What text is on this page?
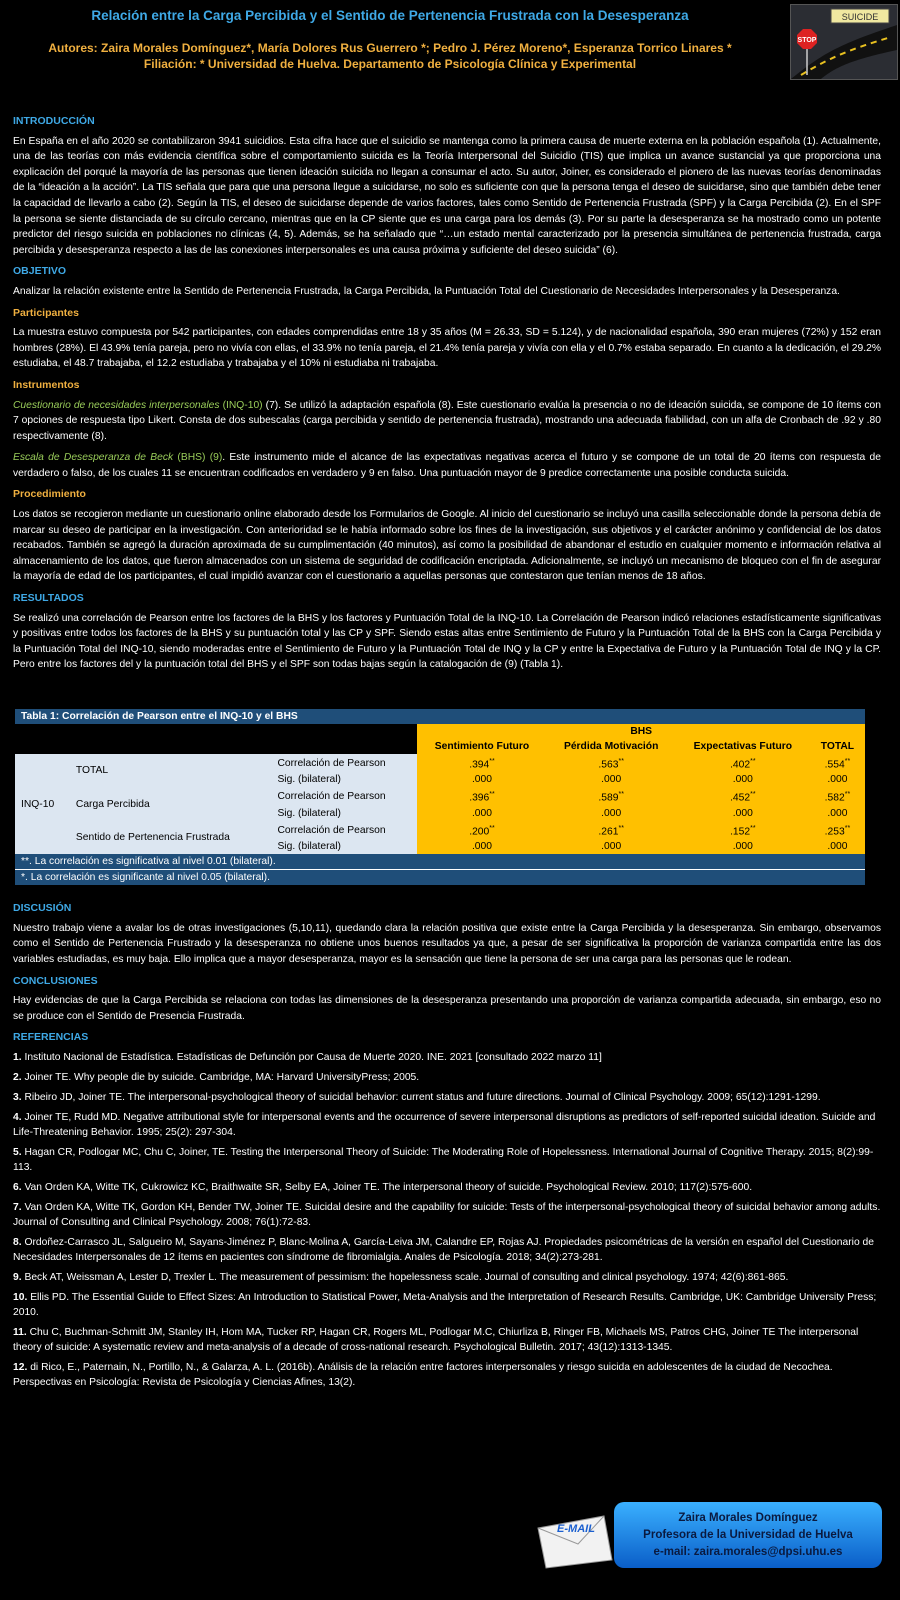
Relación entre la Carga Percibida y el Sentido de Pertenencia Frustrada con la Desesperanza
Autores: Zaira Morales Domínguez*, María Dolores Rus Guerrero *; Pedro J. Pérez Moreno*, Esperanza Torrico Linares *
Filiación: * Universidad de Huelva. Departamento de Psicología Clínica y Experimental
SUICIDE
STOP
INTRODUCCIÓN

En España en el año 2020 se contabilizaron 3941 suicidios. Esta cifra hace que el suicidio se mantenga como la primera causa de muerte externa en la población española (1). Actualmente, una de las teorías con más evidencia científica sobre el comportamiento suicida es la Teoría Interpersonal del Suicidio (TIS) que implica un avance sustancial ya que proporciona una explicación del porqué la mayoría de las personas que tienen ideación suicida no llegan a consumar el acto. Su autor, Joiner, es considerado el pionero de las nuevas teorías denominadas de la “ideación a la acción”. La TIS señala que para que una persona llegue a suicidarse, no solo es suficiente con que la persona tenga el deseo de suicidarse, sino que también debe tener la capacidad de llevarlo a cabo (2). Según la TIS, el deseo de suicidarse depende de varios factores, tales como Sentido de Pertenencia Frustrada (SPF) y la Carga Percibida (2). En el SPF la persona se siente distanciada de su círculo cercano, mientras que en la CP siente que es una carga para los demás (3). Por su parte la desesperanza se ha mostrado como un potente predictor del riesgo suicida en poblaciones no clínicas (4, 5). Además, se ha señalado que “…un estado mental caracterizado por la presencia simultánea de pertenencia frustrada, carga percibida y desesperanza respecto a las de las conexiones interpersonales es una causa próxima y suficiente del deseo suicida” (6).

OBJETIVO

Analizar la relación existente entre la Sentido de Pertenencia Frustrada, la Carga Percibida, la Puntuación Total del Cuestionario de Necesidades Interpersonales y la Desesperanza.

Participantes

La muestra estuvo compuesta por 542 participantes, con edades comprendidas entre 18 y 35 años (M = 26.33, SD = 5.124), y de nacionalidad española, 390 eran mujeres (72%) y 152 eran hombres (28%). El 43.9% tenía pareja, pero no vivía con ellas, el 33.9% no tenía pareja, el 21.4% tenía pareja y vivía con ella y el 0.7% estaba separado. En cuanto a la dedicación, el 29.2% estudiaba, el 48.7 trabajaba, el 12.2 estudiaba y trabajaba y el 10% ni estudiaba ni trabajaba.

Instrumentos

Cuestionario de necesidades interpersonales (INQ-10) (7). Se utilizó la adaptación española (8). Este cuestionario evalúa la presencia o no de ideación suicida, se compone de 10 ítems con 7 opciones de respuesta tipo Likert. Consta de dos subescalas (carga percibida y sentido de pertenencia frustrada), mostrando una adecuada fiabilidad, con un alfa de Cronbach de .92 y .80 respectivamente (8).

Escala de Desesperanza de Beck (BHS) (9). Este instrumento mide el alcance de las expectativas negativas acerca el futuro y se compone de un total de 20 ítems con respuesta de verdadero o falso, de los cuales 11 se encuentran codificados en verdadero y 9 en falso. Una puntuación mayor de 9 predice correctamente una posible conducta suicida.

Procedimiento

Los datos se recogieron mediante un cuestionario online elaborado desde los Formularios de Google. Al inicio del cuestionario se incluyó una casilla seleccionable donde la persona debía de marcar su deseo de participar en la investigación. Con anterioridad se le había informado sobre los fines de la investigación, sus objetivos y el carácter anónimo y confidencial de los datos recabados. También se agregó la duración aproximada de su cumplimentación (40 minutos), así como la posibilidad de abandonar el estudio en cualquier momento e información relativa al almacenamiento de los datos, que fueron almacenados con un sistema de seguridad de codificación encriptada. Adicionalmente, se incluyó un mecanismo de bloqueo con el fin de asegurar la mayoría de edad de los participantes, el cual impidió avanzar con el cuestionario a aquellas personas que contestaron que tenían menos de 18 años.

RESULTADOS

Se realizó una correlación de Pearson entre los factores de la BHS y los factores y Puntuación Total de la INQ-10. La Correlación de Pearson indicó relaciones estadísticamente significativas y positivas entre todos los factores de la BHS y su puntuación total y las CP y SPF. Siendo estas altas entre Sentimiento de Futuro y la Puntuación Total de la BHS con la Carga Percibida y la Puntuación Total del INQ-10, siendo moderadas entre el Sentimiento de Futuro y la Puntuación Total de INQ y la CP y entre la Expectativa de Futuro y la Puntuación Total de INQ y la CP. Pero entre los factores del y la puntuación total del BHS y el SPF son todas bajas según la catalogación de (9) (Tabla 1).

Tabla 1: Correlación de Pearson entre el INQ-10 y el BHS						
			BHS			
			Sentimiento Futuro	Pérdida Motivación	Expectativas Futuro	TOTAL
INQ-10	TOTAL	Correlación de Pearson	.394**	.563**	.402**	.554**
		Sig. (bilateral)	.000	.000	.000	.000
	Carga Percibida	Correlación de Pearson	.396**	.589**	.452**	.582**
		Sig. (bilateral)	.000	.000	.000	.000
	Sentido de Pertenencia Frustrada	Correlación de Pearson	.200**	.261**	.152**	.253**
		Sig. (bilateral)	.000	.000	.000	.000
**. La correlación es significativa al nivel 0.01 (bilateral).						
*. La correlación es significante al nivel 0.05 (bilateral).						
DISCUSIÓN

Nuestro trabajo viene a avalar los de otras investigaciones (5,10,11), quedando clara la relación positiva que existe entre la Carga Percibida y la desesperanza. Sin embargo, observamos como el Sentido de Pertenencia Frustrado y la desesperanza no obtiene unos buenos resultados ya que, a pesar de ser significativa la proporción de varianza compartida entre las dos variables estudiadas, es muy baja. Ello implica que a mayor desesperanza, mayor es la sensación que tiene la persona de ser una carga para las personas que le rodean.

CONCLUSIONES

Hay evidencias de que la Carga Percibida se relaciona con todas las dimensiones de la desesperanza presentando una proporción de varianza compartida adecuada, sin embargo, eso no se produce con el Sentido de Presencia Frustrada.

REFERENCIAS
1. Instituto Nacional de Estadística. Estadísticas de Defunción por Causa de Muerte 2020. INE. 2021 [consultado 2022 marzo 11]
2. Joiner TE. Why people die by suicide. Cambridge, MA: Harvard UniversityPress; 2005.
3. Ribeiro JD, Joiner TE. The interpersonal-psychological theory of suicidal behavior: current status and future directions. Journal of Clinical Psychology. 2009; 65(12):1291-1299.
4. Joiner TE, Rudd MD. Negative attributional style for interpersonal events and the occurrence of severe interpersonal disruptions as predictors of self-reported suicidal ideation. Suicide and Life-Threatening Behavior. 1995; 25(2): 297-304.
5. Hagan CR, Podlogar MC, Chu C, Joiner, TE. Testing the Interpersonal Theory of Suicide: The Moderating Role of Hopelessness. International Journal of Cognitive Therapy. 2015; 8(2):99-113.
6. Van Orden KA, Witte TK, Cukrowicz KC, Braithwaite SR, Selby EA, Joiner TE. The interpersonal theory of suicide. Psychological Review. 2010; 117(2):575-600.
7. Van Orden KA, Witte TK, Gordon KH, Bender TW, Joiner TE. Suicidal desire and the capability for suicide: Tests of the interpersonal-psychological theory of suicidal behavior among adults. Journal of Consulting and Clinical Psychology. 2008; 76(1):72-83.
8. Ordoñez-Carrasco JL, Salgueiro M, Sayans-Jiménez P, Blanc-Molina A, García-Leiva JM, Calandre EP, Rojas AJ. Propiedades psicométricas de la versión en español del Cuestionario de Necesidades Interpersonales de 12 ítems en pacientes con síndrome de fibromialgia. Anales de Psicología. 2018; 34(2):273-281.
9. Beck AT, Weissman A, Lester D, Trexler L. The measurement of pessimism: the hopelessness scale. Journal of consulting and clinical psychology. 1974; 42(6):861-865.
10. Ellis PD. The Essential Guide to Effect Sizes: An Introduction to Statistical Power, Meta-Analysis and the Interpretation of Research Results. Cambridge, UK: Cambridge University Press; 2010.
11. Chu C, Buchman-Schmitt JM, Stanley IH, Hom MA, Tucker RP, Hagan CR, Rogers ML, Podlogar M.C, Chiurliza B, Ringer FB, Michaels MS, Patros CHG, Joiner TE The interpersonal theory of suicide: A systematic review and meta-analysis of a decade of cross-national research. Psychological Bulletin. 2017; 43(12):1313-1345.
12. di Rico, E., Paternain, N., Portillo, N., & Galarza, A. L. (2016b). Análisis de la relación entre factores interpersonales y riesgo suicida en adolescentes de la ciudad de Necochea. Perspectivas en Psicología: Revista de Psicología y Ciencias Afines, 13(2).
Zaira Morales Domínguez
Profesora de la Universidad de Huelva
e-mail: zaira.morales@dpsi.uhu.es
E-MAIL
